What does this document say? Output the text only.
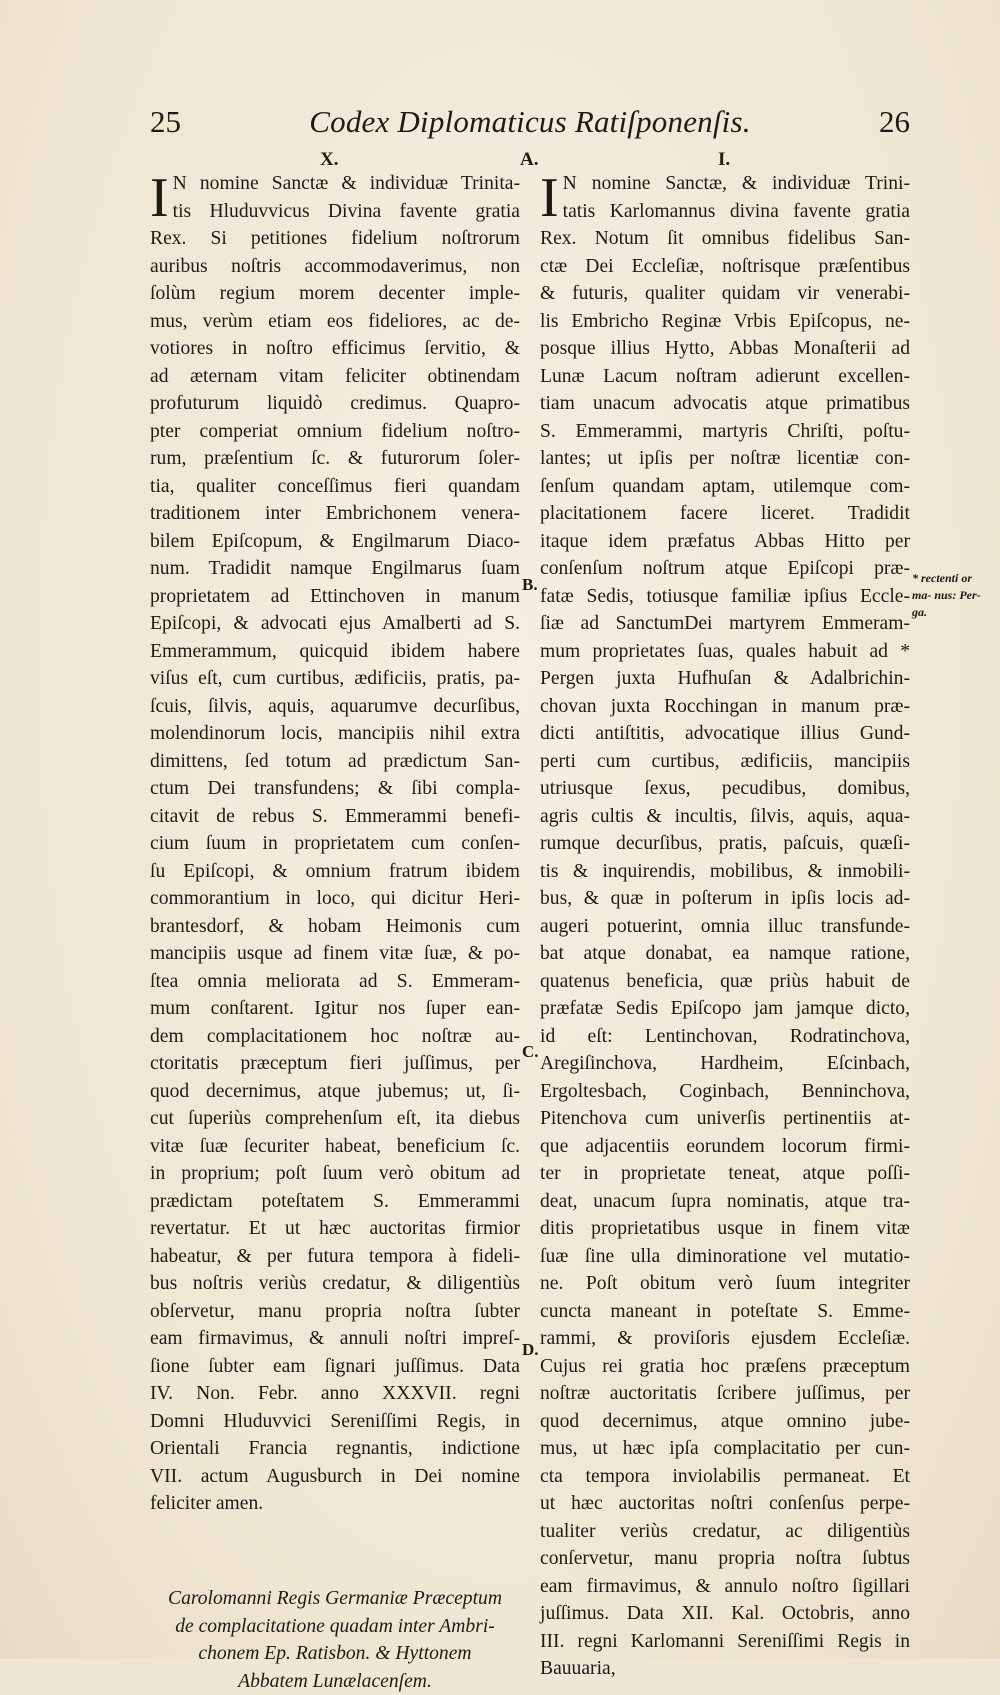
25	Codex Diplomaticus Ratiſponenſis.	26
X.	A.	I.
I N nomine Sanctæ & individuæ Trinita-
tis Hluduvvicus Divina favente gratia
Rex. Si petitiones fidelium noſtrorum
auribus noſtris accommodaverimus, non
ſolùm regium morem decenter imple-
mus, verùm etiam eos fideliores, ac de-
votiores in noſtro efficimus ſervitio, &
ad æternam vitam feliciter obtinendam
profuturum liquidò credimus. Quapro-
pter comperiat omnium fidelium noſtro-
rum, præſentium ſc. & futurorum ſoler-
tia, qualiter conceſſimus fieri quandam
traditionem inter Embrichonem venera-
bilem Epiſcopum, & Engilmarum Diaco-
num. Tradidit namque Engilmarus ſuam
proprietatem ad Ettinchoven in manum
Epiſcopi, & advocati ejus Amalberti ad S.
Emmerammum, quicquid ibidem habere
viſus eſt, cum curtibus, ædificiis, pratis, pa-
ſcuis, ſilvis, aquis, aquarumve decurſibus,
molendinorum locis, mancipiis nihil extra
dimittens, ſed totum ad prædictum San-
ctum Dei transfundens; & ſibi compla-
citavit de rebus S. Emmerammi benefi-
cium ſuum in proprietatem cum conſen-
ſu Epiſcopi, & omnium fratrum ibidem
commorantium in loco, qui dicitur Heri-
brantesdorf, & hobam Heimonis cum
mancipiis usque ad finem vitæ ſuæ, & po-
ſtea omnia meliorata ad S. Emmeram-
mum conſtarent. Igitur nos ſuper ean-
dem complacitationem hoc noſtræ au-
ctoritatis præceptum fieri juſſimus, per
quod decernimus, atque jubemus; ut, ſi-
cut ſuperiùs comprehenſum eſt, ita diebus
vitæ ſuæ ſecuriter habeat, beneficium ſc.
in proprium; poſt ſuum verò obitum ad
prædictam poteſtatem S. Emmerammi
revertatur. Et ut hæc auctoritas firmior
habeatur, & per futura tempora à fideli-
bus noſtris veriùs credatur, & diligentiùs
obſervetur, manu propria noſtra ſubter
eam firmavimus, & annuli noſtri impreſ-
ſione ſubter eam ſignari juſſimus. Data
IV. Non. Febr. anno XXXVII. regni
Domni Hluduvvici Sereniſſimi Regis, in
Orientali Francia regnantis, indictione
VII. actum Augusburch in Dei nomine
feliciter amen.
I N nomine Sanctæ, & individuæ Trini-
tatis Karlomannus divina favente gratia
Rex. Notum ſit omnibus fidelibus San-
ctæ Dei Eccleſiæ, noſtrisque præſentibus
& futuris, qualiter quidam vir venerabi-
lis Embricho Reginæ Vrbis Epiſcopus, ne-
posque illius Hytto, Abbas Monaſterii ad
Lunæ Lacum noſtram adierunt excellen-
tiam unacum advocatis atque primatibus
S. Emmerammi, martyris Chriſti, poſtu-
lantes; ut ipſis per noſtræ licentiæ con-
ſenſum quandam aptam, utilemque com-
placitationem facere liceret. Tradidit
itaque idem præfatus Abbas Hitto per
conſenſum noſtrum atque Epiſcopi præ-
fatæ Sedis, totiusque familiæ ipſius Eccle-
ſiæ ad SanctumDei martyrem Emmeram-
mum proprietates ſuas, quales habuit ad *
Pergen juxta Hufhuſan & Adalbrichin-
chovan juxta Rocchingan in manum præ-
dicti antiſtitis, advocatique illius Gund-
perti cum curtibus, ædificiis, mancipiis
utriusque ſexus, pecudibus, domibus,
agris cultis & incultis, ſilvis, aquis, aqua-
rumque decurſibus, pratis, paſcuis, quæſi-
tis & inquirendis, mobilibus, & inmobili-
bus, & quæ in poſterum in ipſis locis ad-
augeri potuerint, omnia illuc transfunde-
bat atque donabat, ea namque ratione,
quatenus beneficia, quæ priùs habuit de
præfatæ Sedis Epiſcopo jam jamque dicto,
id eſt: Lentinchovan, Rodratinchova,
Aregiſinchova, Hardheim, Eſcinbach,
Ergoltesbach, Coginbach, Benninchova,
Pitenchova cum univerſis pertinentiis at-
que adjacentiis eorundem locorum firmi-
ter in proprietate teneat, atque poſſi-
deat, unacum ſupra nominatis, atque tra-
ditis proprietatibus usque in finem vitæ
ſuæ ſine ulla diminoratione vel mutatio-
ne. Poſt obitum verò ſuum integriter
cuncta maneant in poteſtate S. Emme-
rammi, & proviſoris ejusdem Eccleſiæ.
Cujus rei gratia hoc præſens præceptum
noſtræ auctoritatis ſcribere juſſimus, per
quod decernimus, atque omnino jube-
mus, ut hæc ipſa complacitatio per cun-
cta tempora inviolabilis permaneat. Et
ut hæc auctoritas noſtri conſenſus perpe-
tualiter veriùs credatur, ac diligentiùs
conſervetur, manu propria noſtra ſubtus
eam firmavimus, & annulo noſtro ſigillari
juſſimus. Data XII. Kal. Octobris, anno
III. regni Karlomanni Sereniſſimi Regis in
Bauuaria,
B.
C.
D.
* rectenti or ma- nus: Per- ga.
Carolomanni Regis Germaniæ Præceptum
de complacitatione quadam inter Ambri-
chonem Ep. Ratisbon. & Hyttonem
Abbatem Lunælacenſem.
